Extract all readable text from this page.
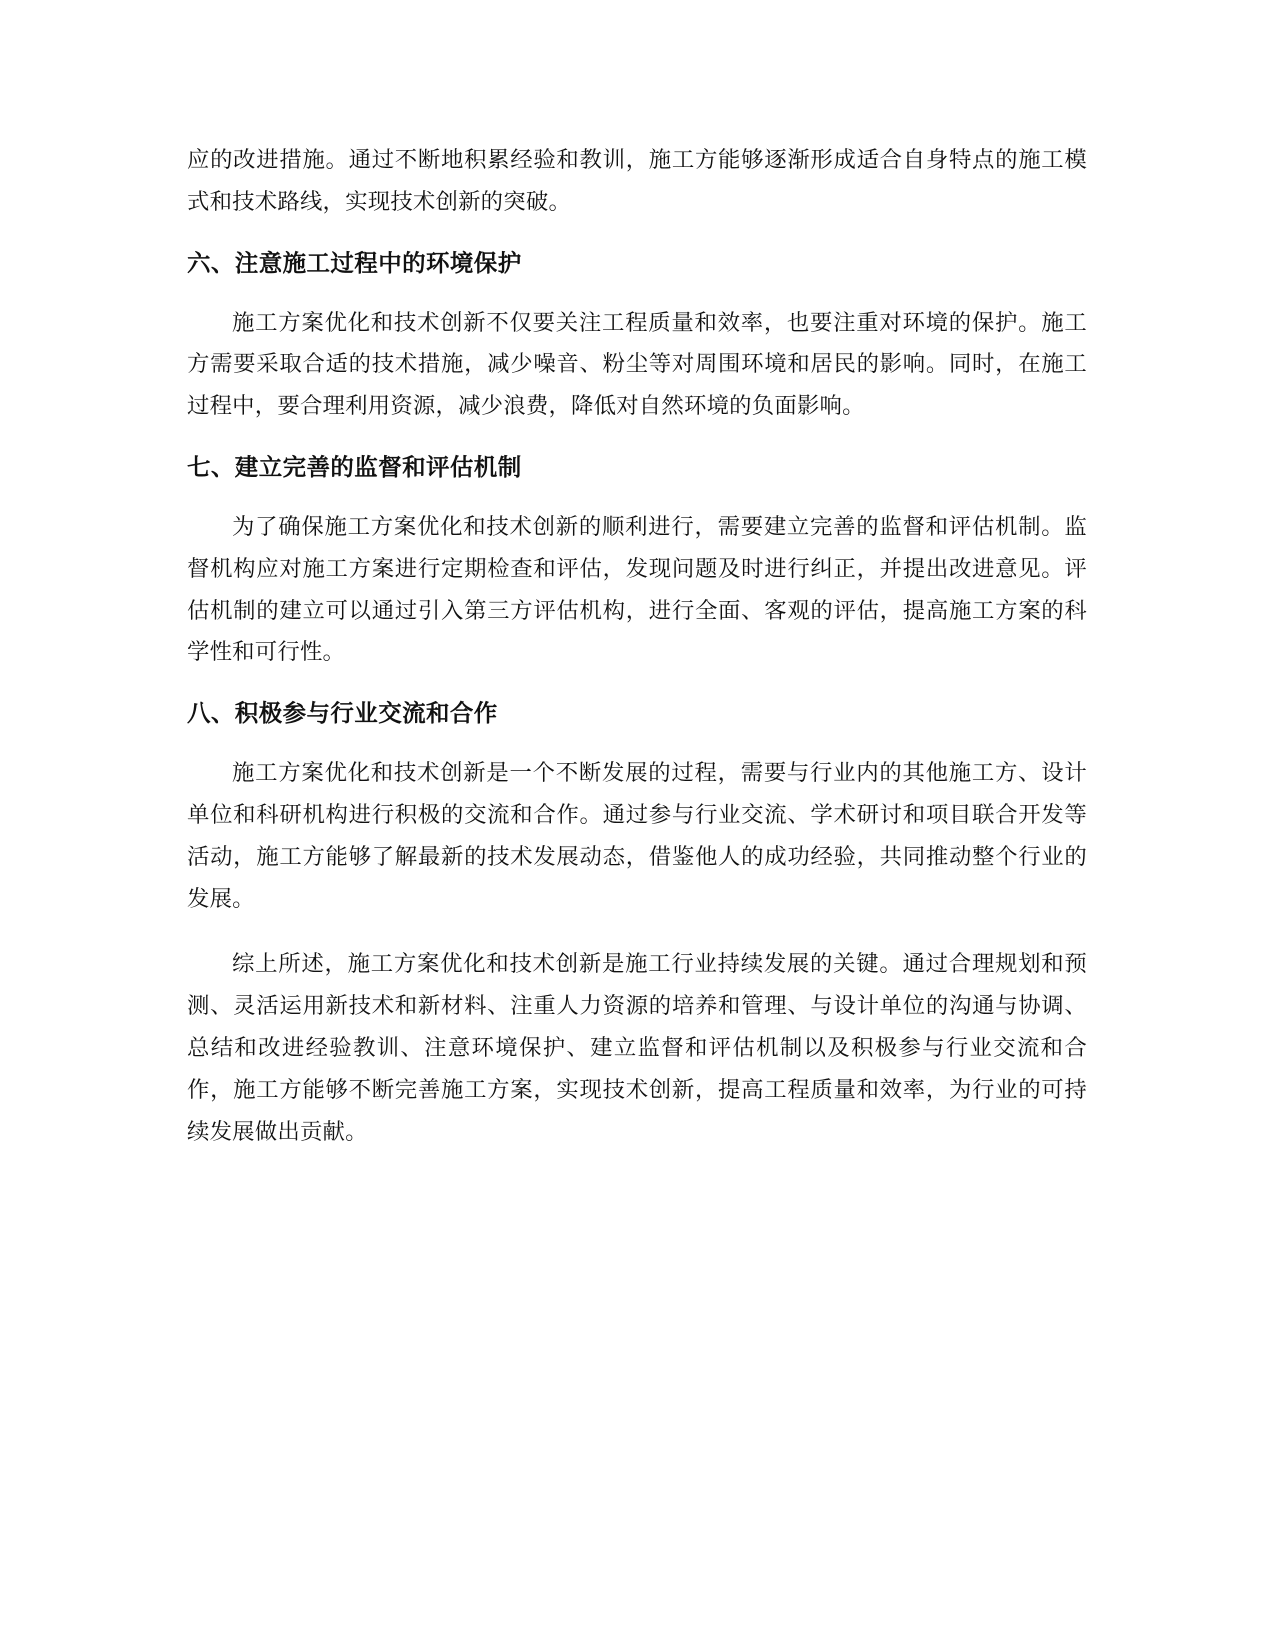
应的改进措施。通过不断地积累经验和教训，施工方能够逐渐形成适合自身特点的施工模式和技术路线，实现技术创新的突破。

六、注意施工过程中的环境保护

施工方案优化和技术创新不仅要关注工程质量和效率，也要注重对环境的保护。施工方需要采取合适的技术措施，减少噪音、粉尘等对周围环境和居民的影响。同时，在施工过程中，要合理利用资源，减少浪费，降低对自然环境的负面影响。

七、建立完善的监督和评估机制

为了确保施工方案优化和技术创新的顺利进行，需要建立完善的监督和评估机制。监督机构应对施工方案进行定期检查和评估，发现问题及时进行纠正，并提出改进意见。评估机制的建立可以通过引入第三方评估机构，进行全面、客观的评估，提高施工方案的科学性和可行性。

八、积极参与行业交流和合作

施工方案优化和技术创新是一个不断发展的过程，需要与行业内的其他施工方、设计单位和科研机构进行积极的交流和合作。通过参与行业交流、学术研讨和项目联合开发等活动，施工方能够了解最新的技术发展动态，借鉴他人的成功经验，共同推动整个行业的发展。

综上所述，施工方案优化和技术创新是施工行业持续发展的关键。通过合理规划和预测、灵活运用新技术和新材料、注重人力资源的培养和管理、与设计单位的沟通与协调、总结和改进经验教训、注意环境保护、建立监督和评估机制以及积极参与行业交流和合作，施工方能够不断完善施工方案，实现技术创新，提高工程质量和效率，为行业的可持续发展做出贡献。
